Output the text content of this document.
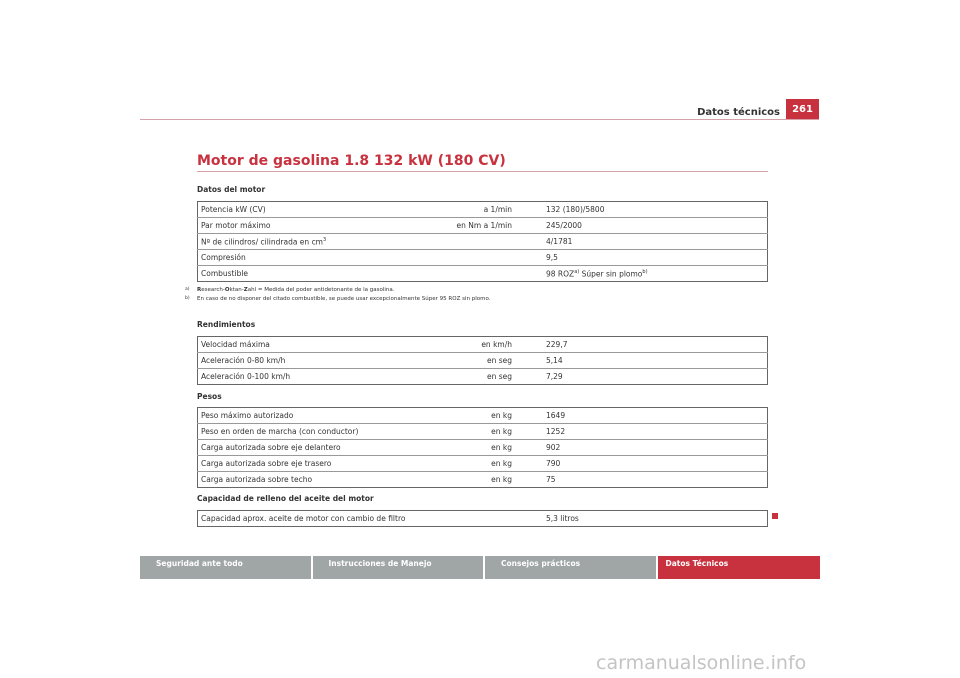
Datos técnicos	261
Motor de gasolina 1.8 132 kW (180 CV)
Datos del motor
Potencia kW (CV)	a 1/min	132 (180)/5800
Par motor máximo	en Nm a 1/min	245/2000
Nº de cilindros/ cilindrada en $cm^3$		4/1781
Compresión		9,5
Combustible		98 ROZ$^{a)}$ Súper sin plomo$^{b)}$
a) Research-Oktan-Zahl = Medida del poder antidetonante de la gasolina.
b) En caso de no disponer del citado combustible, se puede usar excepcionalmente Súper 95 ROZ sin plomo.
Rendimientos
Velocidad máxima	en km/h	229,7
Aceleración 0-80 km/h	en seg	5,14
Aceleración 0-100 km/h	en seg	7,29
Pesos
Peso máximo autorizado	en kg	1649
Peso en orden de marcha (con conductor)	en kg	1252
Carga autorizada sobre eje delantero	en kg	902
Carga autorizada sobre eje trasero	en kg	790
Carga autorizada sobre techo	en kg	75
Capacidad de relleno del aceite del motor
Capacidad aprox. aceite de motor con cambio de filtro		5,3 litros
Seguridad ante todo	Instrucciones de Manejo	Consejos prácticos	Datos Técnicos
carmanualsonline.info
